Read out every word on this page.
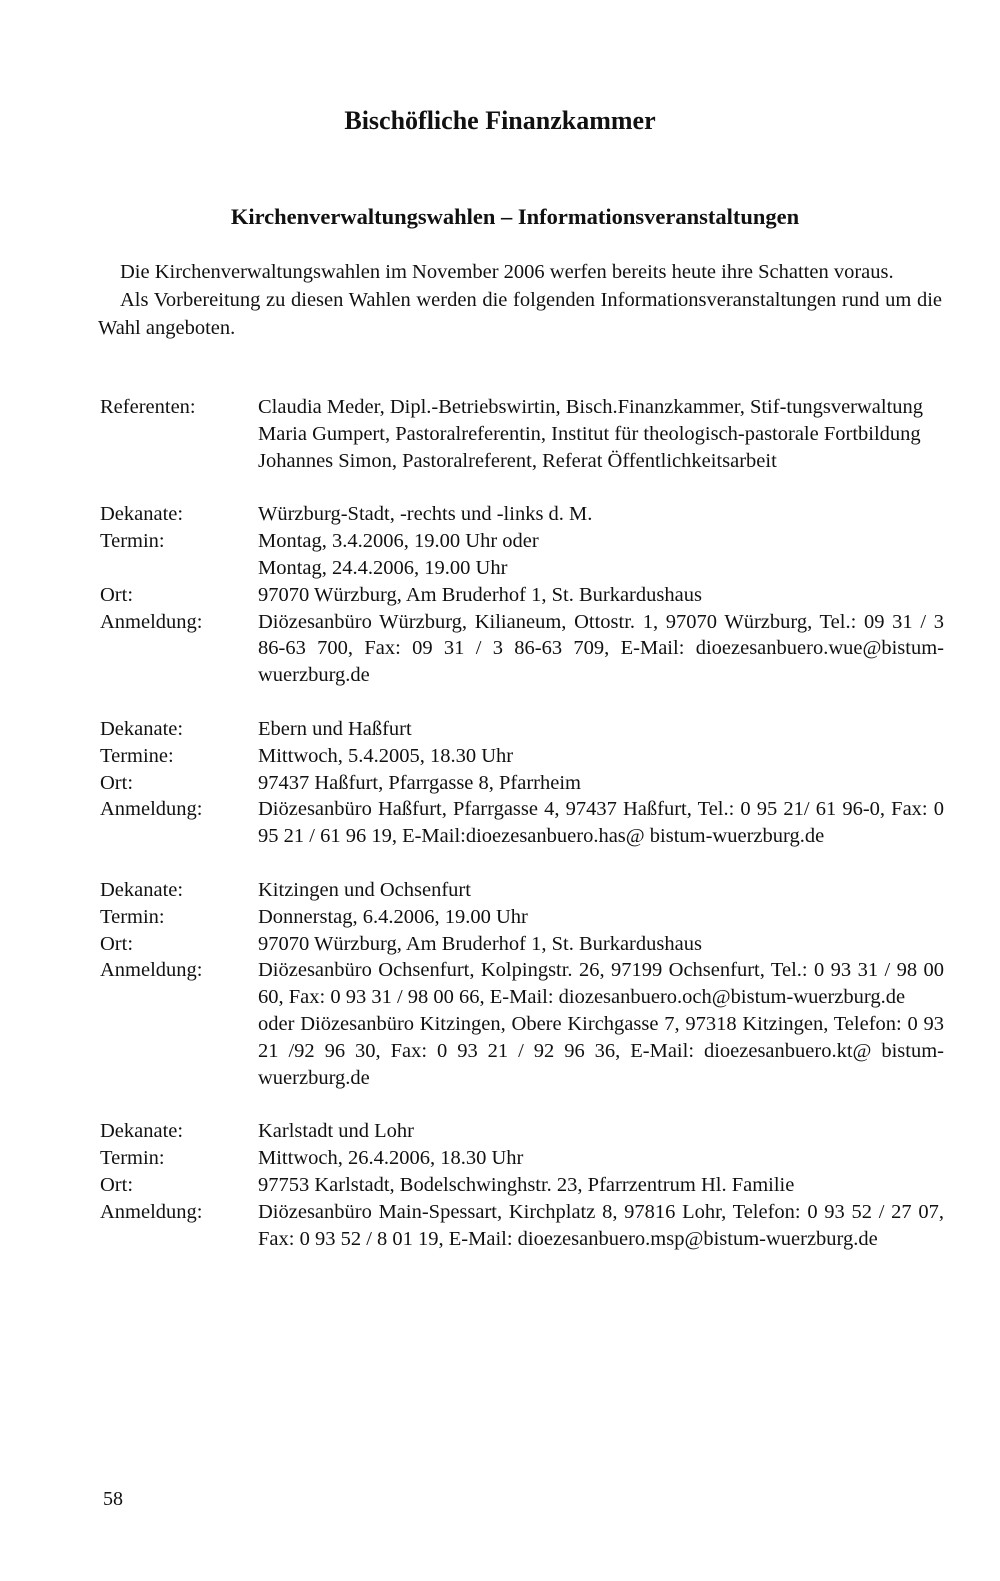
Bischöfliche Finanzkammer
Kirchenverwaltungswahlen – Informationsveranstaltungen

Die Kirchenverwaltungswahlen im November 2006 werfen bereits heute ihre Schatten voraus.

Als Vorbereitung zu diesen Wahlen werden die folgenden Informationsveranstaltungen rund um die Wahl angeboten.

Referenten:	Claudia Meder, Dipl.-Betriebswirtin, Bisch.Finanzkammer, Stif-tungsverwaltung
Maria Gumpert, Pastoralreferentin, Institut für theologisch-pastorale Fortbildung
Johannes Simon, Pastoralreferent, Referat Öffentlichkeitsarbeit
Dekanate:	Würzburg-Stadt, -rechts und -links d. M.
Termin:	Montag, 3.4.2006, 19.00 Uhr oder
Montag, 24.4.2006, 19.00 Uhr
Ort:	97070 Würzburg, Am Bruderhof 1, St. Burkardushaus
Anmeldung:	Diözesanbüro Würzburg, Kilianeum, Ottostr. 1, 97070 Würzburg, Tel.: 09 31 / 3 86-63 700, Fax: 09 31 / 3 86-63 709, E-Mail: dioezesanbuero.wue@bistum-wuerzburg.de
Dekanate:	Ebern und Haßfurt
Termine:	Mittwoch, 5.4.2005, 18.30 Uhr
Ort:	97437 Haßfurt, Pfarrgasse 8, Pfarrheim
Anmeldung:	Diözesanbüro Haßfurt, Pfarrgasse 4, 97437 Haßfurt, Tel.: 0 95 21/ 61 96-0, Fax: 0 95 21 / 61 96 19, E-Mail:dioezesanbuero.has@ bistum-wuerzburg.de
Dekanate:	Kitzingen und Ochsenfurt
Termin:	Donnerstag, 6.4.2006, 19.00 Uhr
Ort:	97070 Würzburg, Am Bruderhof 1, St. Burkardushaus
Anmeldung:	Diözesanbüro Ochsenfurt, Kolpingstr. 26, 97199 Ochsenfurt, Tel.: 0 93 31 / 98 00 60, Fax: 0 93 31 / 98 00 66, E-Mail: diozesanbuero.och@bistum-wuerzburg.de
oder Diözesanbüro Kitzingen, Obere Kirchgasse 7, 97318 Kitzingen, Telefon: 0 93 21 /92 96 30, Fax: 0 93 21 / 92 96 36, E-Mail: dioezesanbuero.kt@ bistum-wuerzburg.de
Dekanate:	Karlstadt und Lohr
Termin:	Mittwoch, 26.4.2006, 18.30 Uhr
Ort:	97753 Karlstadt, Bodelschwinghstr. 23, Pfarrzentrum Hl. Familie
Anmeldung:	Diözesanbüro Main-Spessart, Kirchplatz 8, 97816 Lohr, Telefon: 0 93 52 / 27 07, Fax: 0 93 52 / 8 01 19, E-Mail: dioezesanbuero.msp@bistum-wuerzburg.de
58
